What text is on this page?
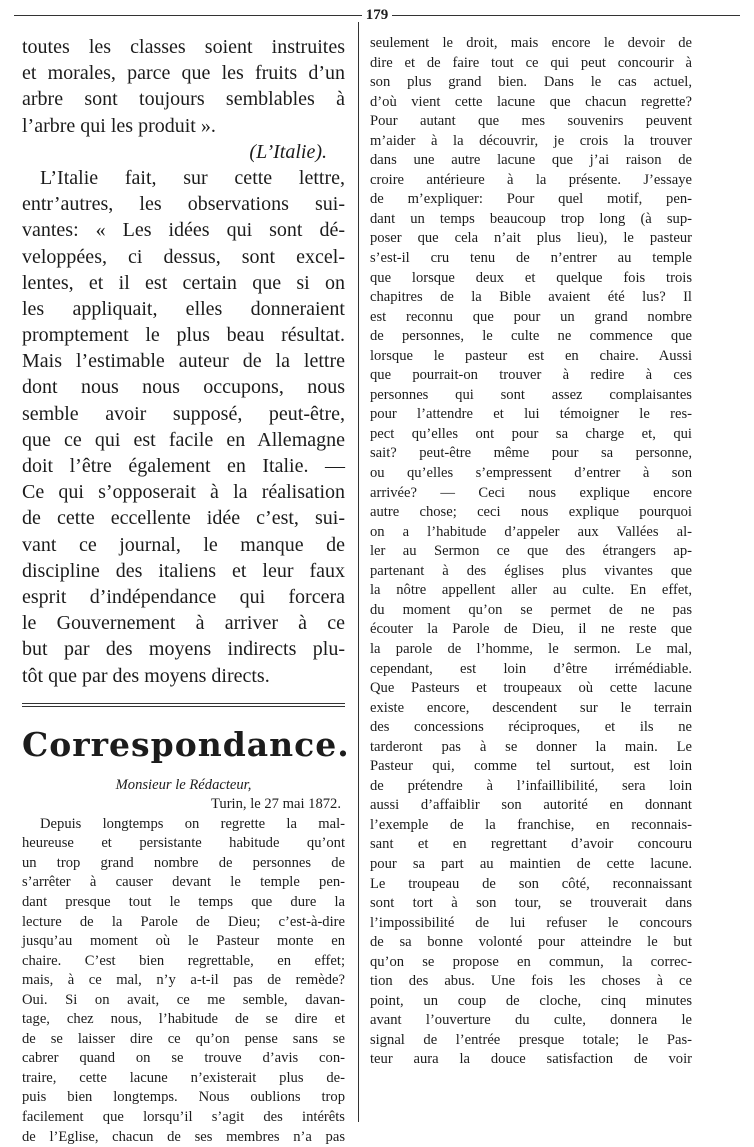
179
toutes les classes soient instruites
et morales, parce que les fruits d’un
arbre sont toujours semblables à
l’arbre qui les produit ».
(L’Italie).
L’Italie fait, sur cette lettre,
entr’autres, les observations sui-
vantes: « Les idées qui sont dé-
veloppées, ci dessus, sont excel-
lentes, et il est certain que si on
les appliquait, elles donneraient
promptement le plus beau résultat.
Mais l’estimable auteur de la lettre
dont nous nous occupons, nous
semble avoir supposé, peut-être,
que ce qui est facile en Allemagne
doit l’être également en Italie. —
Ce qui s’opposerait à la réalisation
de cette eccellente idée c’est, sui-
vant ce journal, le manque de
discipline des italiens et leur faux
esprit d’indépendance qui forcera
le Gouvernement à arriver à ce
but par des moyens indirects plu-
tôt que par des moyens directs.
Correspondance.
Monsieur le Rédacteur,
Turin, le 27 mai 1872.
Depuis longtemps on regrette la mal-
heureuse et persistante habitude qu’ont
un trop grand nombre de personnes de
s’arrêter à causer devant le temple pen-
dant presque tout le temps que dure la
lecture de la Parole de Dieu; c’est-à-dire
jusqu’au moment où le Pasteur monte en
chaire. C’est bien regrettable, en effet;
mais, à ce mal, n’y a-t-il pas de remède?
Oui. Si on avait, ce me semble, davan-
tage, chez nous, l’habitude de se dire et
de se laisser dire ce qu’on pense sans se
cabrer quand on se trouve d’avis con-
traire, cette lacune n’existerait plus de-
puis bien longtemps. Nous oublions trop
facilement que lorsqu’il s’agit des intérêts
de l’Eglise, chacun de ses membres n’a pas
seulement le droit, mais encore le devoir de
dire et de faire tout ce qui peut concourir à
son plus grand bien. Dans le cas actuel,
d’où vient cette lacune que chacun regrette?
Pour autant que mes souvenirs peuvent
m’aider à la découvrir, je crois la trouver
dans une autre lacune que j’ai raison de
croire antérieure à la présente. J’essaye
de m’expliquer: Pour quel motif, pen-
dant un temps beaucoup trop long (à sup-
poser que cela n’ait plus lieu), le pasteur
s’est-il cru tenu de n’entrer au temple
que lorsque deux et quelque fois trois
chapitres de la Bible avaient été lus? Il
est reconnu que pour un grand nombre
de personnes, le culte ne commence que
lorsque le pasteur est en chaire. Aussi
que pourrait-on trouver à redire à ces
personnes qui sont assez complaisantes
pour l’attendre et lui témoigner le res-
pect qu’elles ont pour sa charge et, qui
sait? peut-être même pour sa personne,
ou qu’elles s’empressent d’entrer à son
arrivée? — Ceci nous explique encore
autre chose; ceci nous explique pourquoi
on a l’habitude d’appeler aux Vallées al-
ler au Sermon ce que des étrangers ap-
partenant à des églises plus vivantes que
la nôtre appellent aller au culte. En effet,
du moment qu’on se permet de ne pas
écouter la Parole de Dieu, il ne reste que
la parole de l’homme, le sermon. Le mal,
cependant, est loin d’être irrémédiable.
Que Pasteurs et troupeaux où cette lacune
existe encore, descendent sur le terrain
des concessions réciproques, et ils ne
tarderont pas à se donner la main. Le
Pasteur qui, comme tel surtout, est loin
de prétendre à l’infaillibilité, sera loin
aussi d’affaiblir son autorité en donnant
l’exemple de la franchise, en reconnais-
sant et en regrettant d’avoir concouru
pour sa part au maintien de cette lacune.
Le troupeau de son côté, reconnaissant
sont tort à son tour, se trouverait dans
l’impossibilité de lui refuser le concours
de sa bonne volonté pour atteindre le but
qu’on se propose en commun, la correc-
tion des abus. Une fois les choses à ce
point, un coup de cloche, cinq minutes
avant l’ouverture du culte, donnera le
signal de l’entrée presque totale; le Pas-
teur aura la douce satisfaction de voir
